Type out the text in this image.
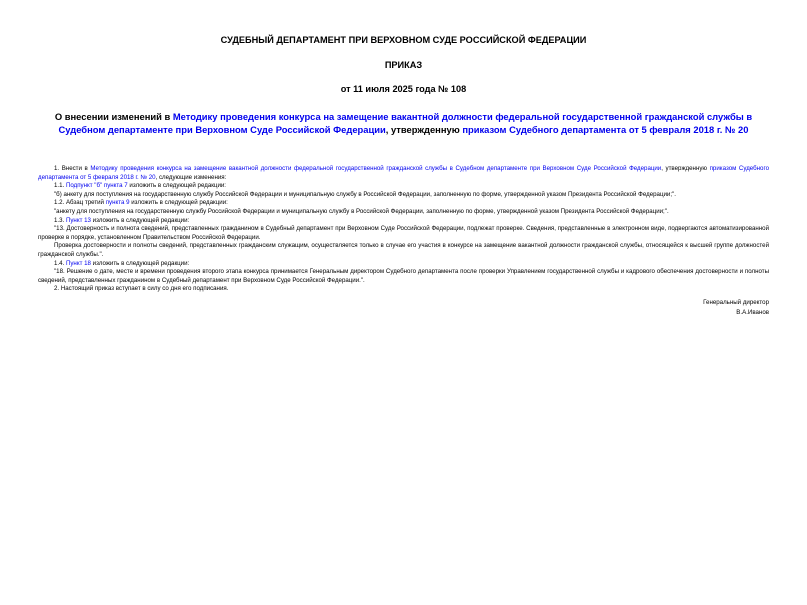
СУДЕБНЫЙ ДЕПАРТАМЕНТ ПРИ ВЕРХОВНОМ СУДЕ РОССИЙСКОЙ ФЕДЕРАЦИИ
ПРИКАЗ
от 11 июля 2025 года № 108
О внесении изменений в Методику проведения конкурса на замещение вакантной должности федеральной государственной гражданской службы в Судебном департаменте при Верховном Суде Российской Федерации, утвержденную приказом Судебного департамента от 5 февраля 2018 г. № 20

1. Внести в Методику проведения конкурса на замещение вакантной должности федеральной государственной гражданской службы в Судебном департаменте при Верховном Суде Российской Федерации, утвержденную приказом Судебного департамента от 5 февраля 2018 г. № 20, следующие изменения:

1.1. Подпункт "б" пункта 7 изложить в следующей редакции:

"б) анкету для поступления на государственную службу Российской Федерации и муниципальную службу в Российской Федерации, заполненную по форме, утвержденной указом Президента Российской Федерации;".

1.2. Абзац третий пункта 9 изложить в следующей редакции:

"анкету для поступления на государственную службу Российской Федерации и муниципальную службу в Российской Федерации, заполненную по форме, утвержденной указом Президента Российской Федерации;".

1.3. Пункт 13 изложить в следующей редакции:

"13. Достоверность и полнота сведений, представленных гражданином в Судебный департамент при Верховном Суде Российской Федерации, подлежат проверке. Сведения, представленные в электронном виде, подвергаются автоматизированной проверке в порядке, установленном Правительством Российской Федерации.

Проверка достоверности и полноты сведений, представленных гражданским служащим, осуществляется только в случае его участия в конкурсе на замещение вакантной должности гражданской службы, относящейся к высшей группе должностей гражданской службы.".

1.4. Пункт 18 изложить в следующей редакции:

"18. Решение о дате, месте и времени проведения второго этапа конкурса принимается Генеральным директором Судебного департамента после проверки Управлением государственной службы и кадрового обеспечения достоверности и полноты сведений, представленных гражданином в Судебный департамент при Верховном Суде Российской Федерации.".

2. Настоящий приказ вступает в силу со дня его подписания.

Генеральный директор
В.А.Иванов
